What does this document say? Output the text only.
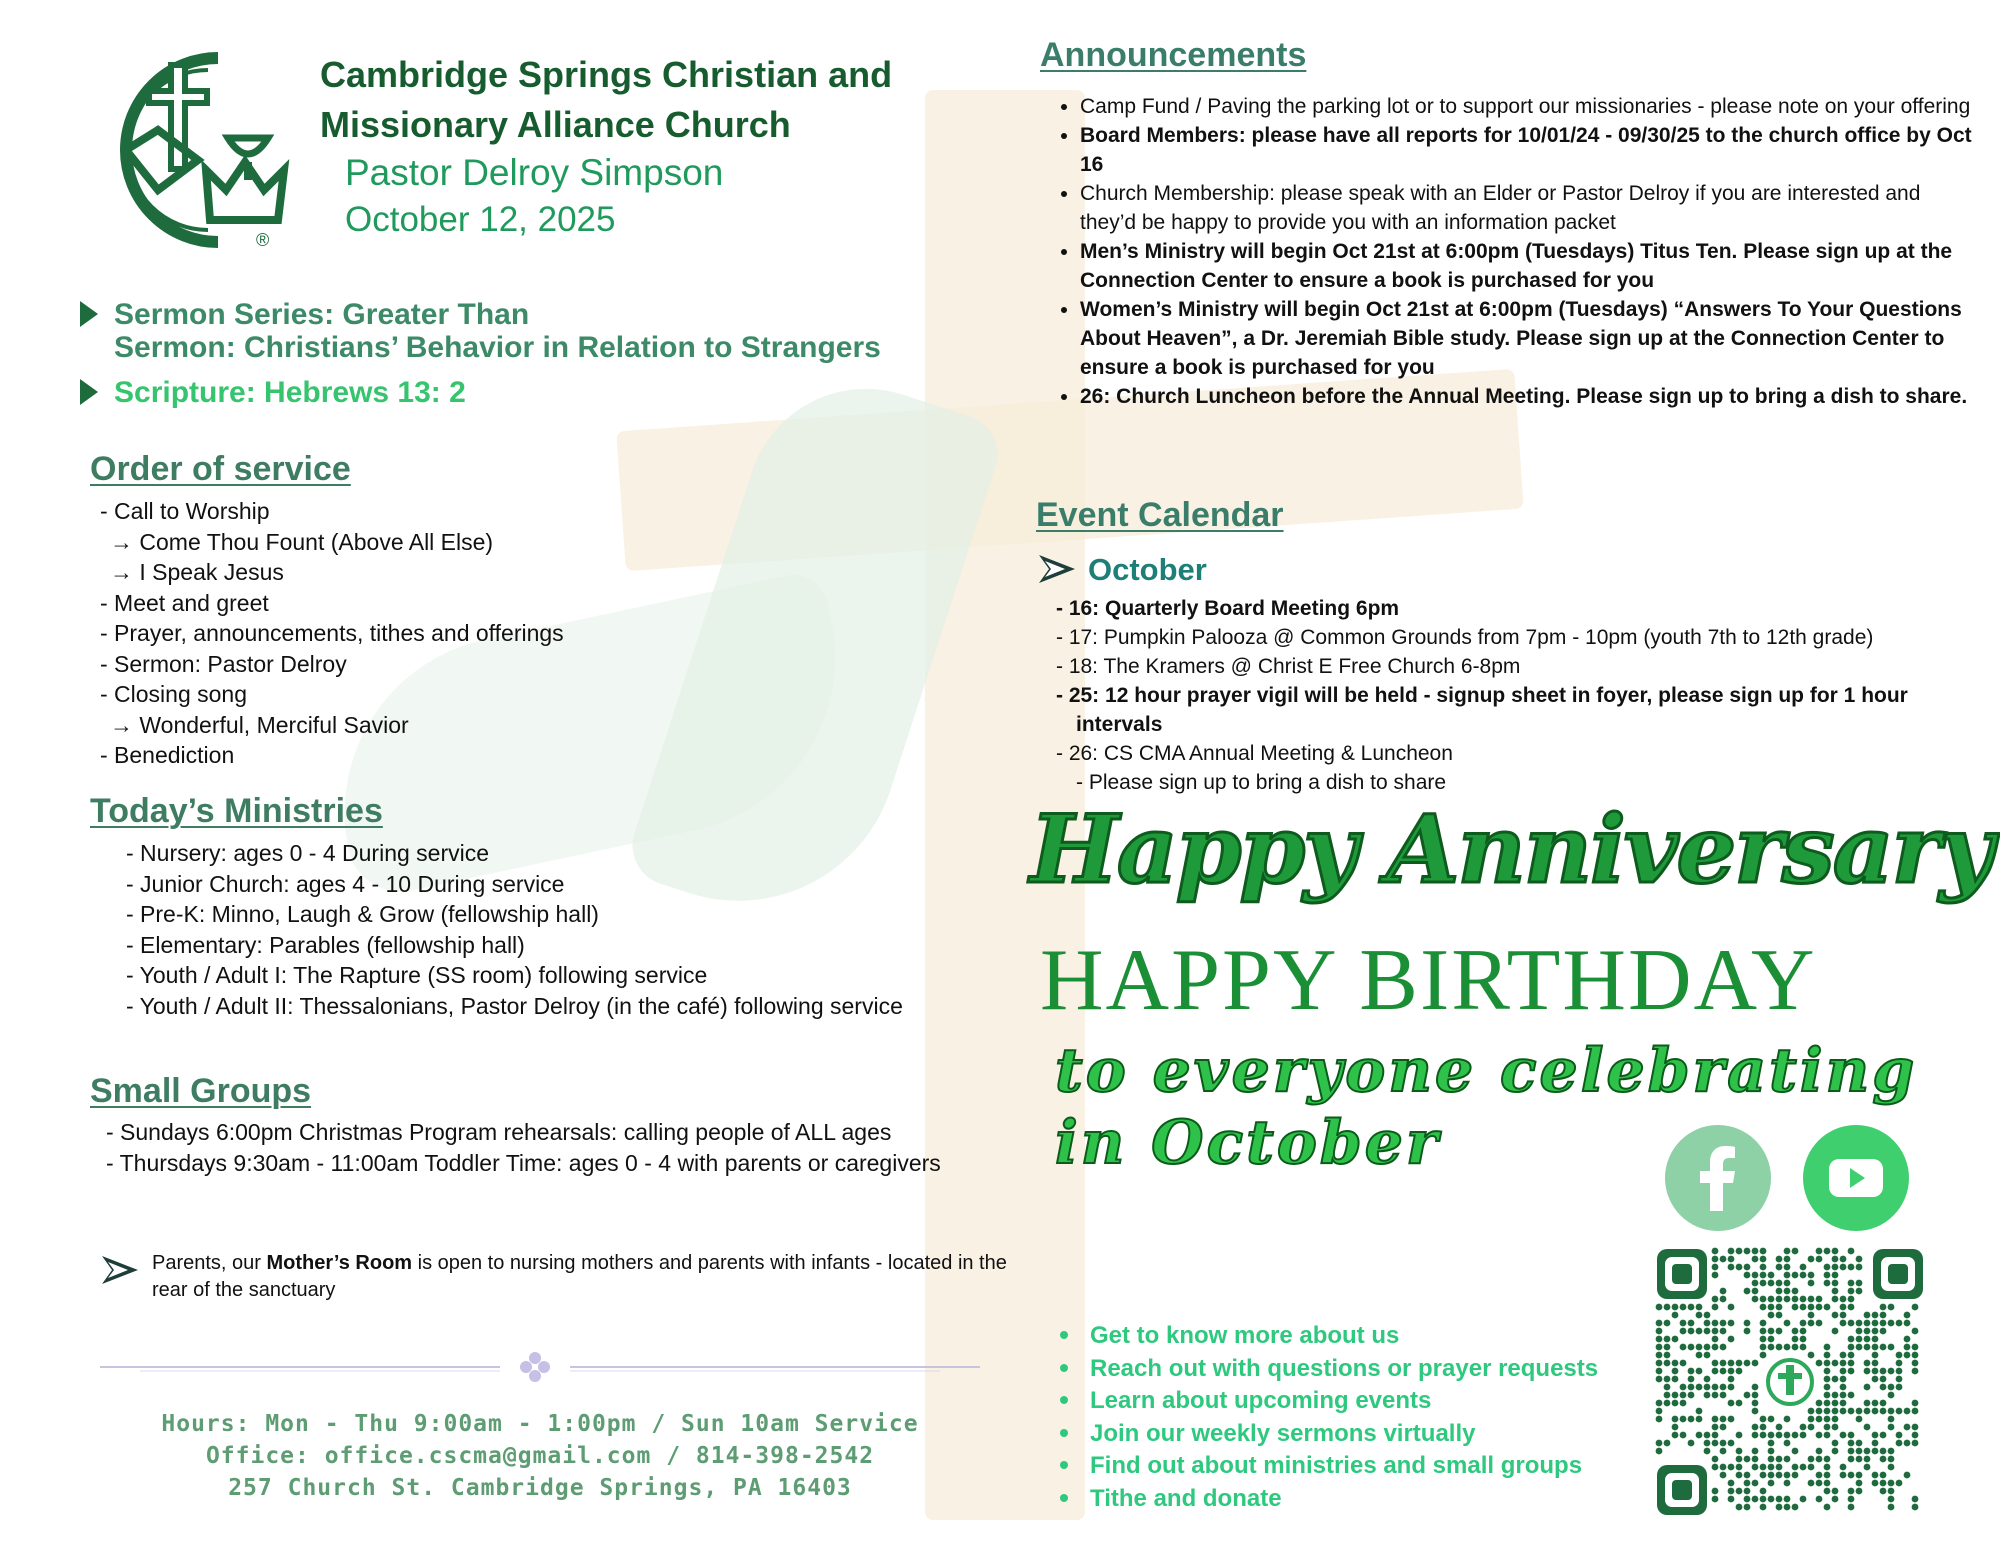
®
Cambridge Springs Christian and
Missionary Alliance Church
Pastor Delroy Simpson
October 12, 2025
Sermon Series: Greater Than
Sermon: Christians’ Behavior in Relation to Strangers
Scripture: Hebrews 13: 2
Order of service
- Call to Worship
→ Come Thou Fount (Above All Else)
→ I Speak Jesus
- Meet and greet
- Prayer, announcements, tithes and offerings
- Sermon: Pastor Delroy
- Closing song
→ Wonderful, Merciful Savior
- Benediction
Today’s Ministries
- Nursery: ages 0 - 4 During service
- Junior Church: ages 4 - 10 During service
- Pre-K: Minno, Laugh & Grow (fellowship hall)
- Elementary: Parables (fellowship hall)
- Youth / Adult I: The Rapture (SS room) following service
- Youth / Adult II: Thessalonians, Pastor Delroy (in the café) following service
Small Groups
- Sundays 6:00pm Christmas Program rehearsals: calling people of ALL ages
- Thursdays 9:30am - 11:00am Toddler Time: ages 0 - 4 with parents or caregivers
Parents, our Mother’s Room is open to nursing mothers and parents with infants - located in the rear of the sanctuary
Hours: Mon - Thu 9:00am - 1:00pm / Sun 10am Service
Office: office.cscma@gmail.com / 814-398-2542
257 Church St. Cambridge Springs, PA 16403
Announcements
• Camp Fund / Paving the parking lot or to support our missionaries - please note on your offering
• Board Members: please have all reports for 10/01/24 - 09/30/25 to the church office by Oct 16
• Church Membership: please speak with an Elder or Pastor Delroy if you are interested and they’d be happy to provide you with an information packet
• Men’s Ministry will begin Oct 21st at 6:00pm (Tuesdays) Titus Ten. Please sign up at the Connection Center to ensure a book is purchased for you
• Women’s Ministry will begin Oct 21st at 6:00pm (Tuesdays) “Answers To Your Questions About Heaven”, a Dr. Jeremiah Bible study. Please sign up at the Connection Center to ensure a book is purchased for you
• 26: Church Luncheon before the Annual Meeting. Please sign up to bring a dish to share.
Event Calendar
October
- 16: Quarterly Board Meeting 6pm
- 17: Pumpkin Palooza @ Common Grounds from 7pm - 10pm (youth 7th to 12th grade)
- 18: The Kramers @ Christ E Free Church 6-8pm
- 25: 12 hour prayer vigil will be held - signup sheet in foyer, please sign up for 1 hour intervals
- 26: CS CMA Annual Meeting & Luncheon
- Please sign up to bring a dish to share
Happy Anniversary
HAPPY BIRTHDAY
to everyone celebrating
in October
Get to know more about us
Reach out with questions or prayer requests
Learn about upcoming events
Join our weekly sermons virtually
Find out about ministries and small groups
Tithe and donate
